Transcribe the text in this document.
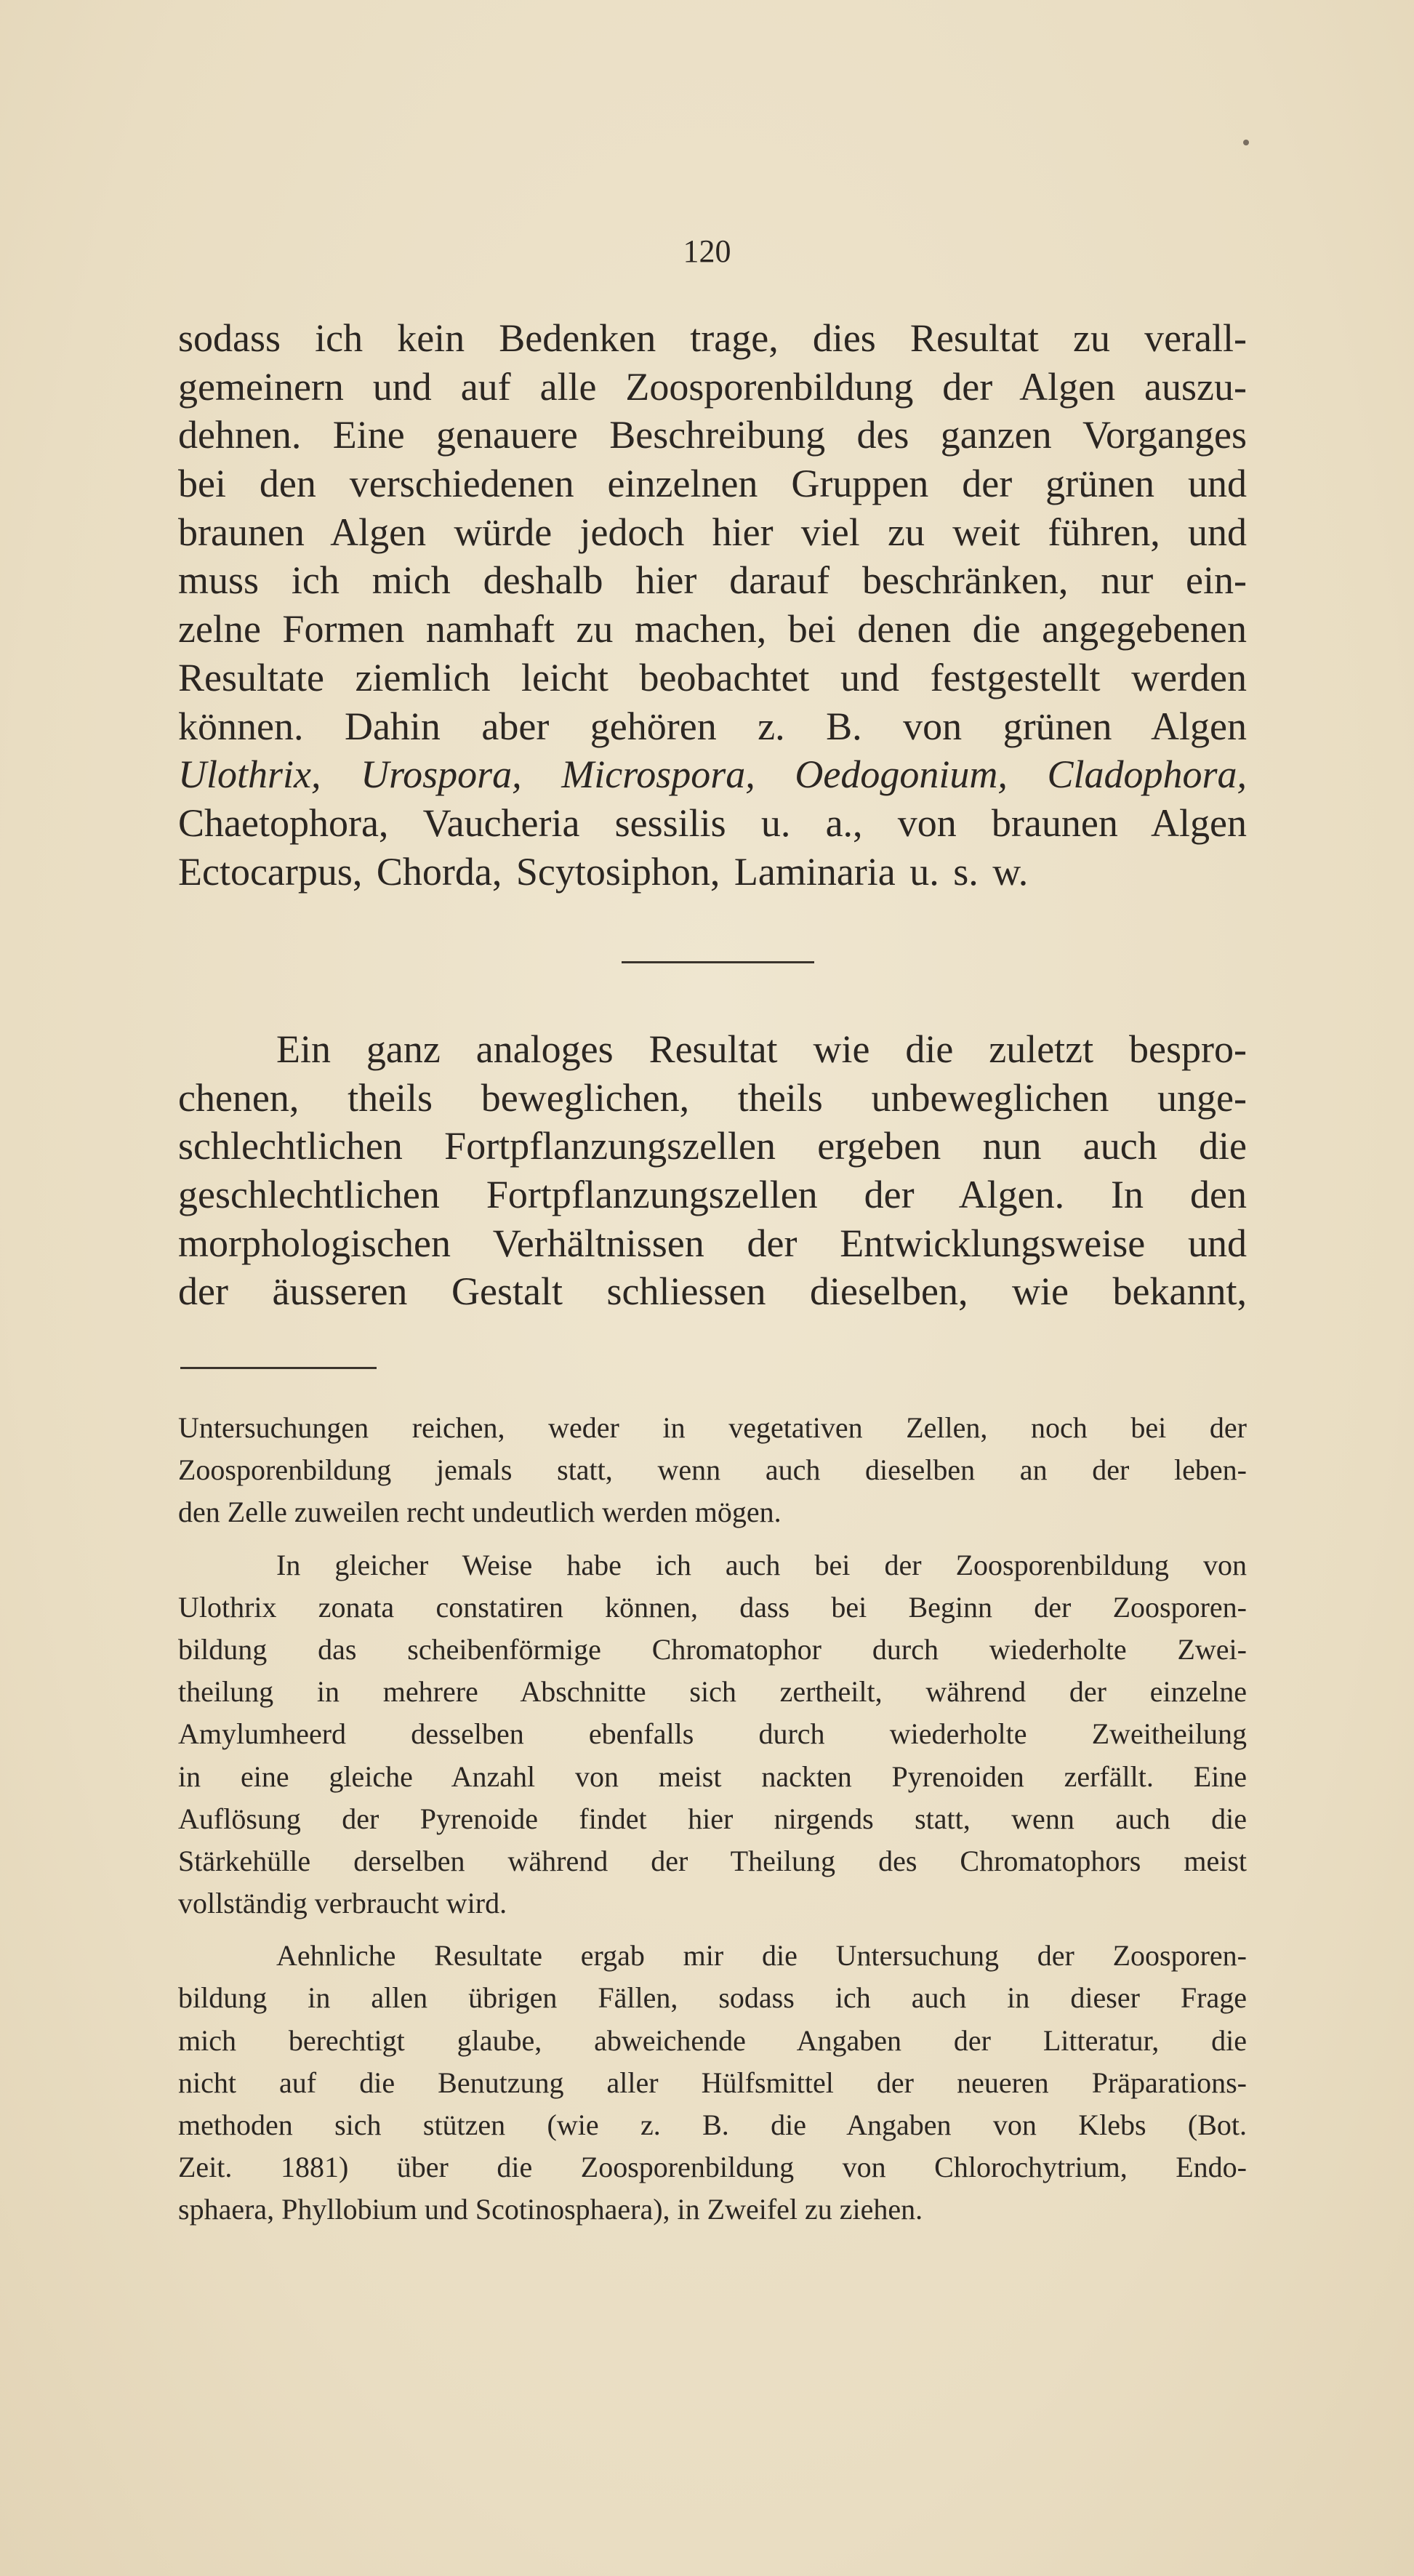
120
sodass ich kein Bedenken trage, dies Resultat zu verall-
gemeinern und auf alle Zoosporenbildung der Algen auszu-
dehnen. Eine genauere Beschreibung des ganzen Vorganges
bei den verschiedenen einzelnen Gruppen der grünen und
braunen Algen würde jedoch hier viel zu weit führen, und
muss ich mich deshalb hier darauf beschränken, nur ein-
zelne Formen namhaft zu machen, bei denen die angegebenen
Resultate ziemlich leicht beobachtet und festgestellt werden
können. Dahin aber gehören z. B. von grünen Algen
Ulothrix, Urospora, Microspora, Oedogonium, Cladophora,
Chaetophora, Vaucheria sessilis u. a., von braunen Algen
Ectocarpus, Chorda, Scytosiphon, Laminaria u. s. w.
Ein ganz analoges Resultat wie die zuletzt bespro-
chenen, theils beweglichen, theils unbeweglichen unge-
schlechtlichen Fortpflanzungszellen ergeben nun auch die
geschlechtlichen Fortpflanzungszellen der Algen. In den
morphologischen Verhältnissen der Entwicklungsweise und
der äusseren Gestalt schliessen dieselben, wie bekannt,
Untersuchungen reichen, weder in vegetativen Zellen, noch bei der
Zoosporenbildung jemals statt, wenn auch dieselben an der leben-
den Zelle zuweilen recht undeutlich werden mögen.
In gleicher Weise habe ich auch bei der Zoosporenbildung von
Ulothrix zonata constatiren können, dass bei Beginn der Zoosporen-
bildung das scheibenförmige Chromatophor durch wiederholte Zwei-
theilung in mehrere Abschnitte sich zertheilt, während der einzelne
Amylumheerd desselben ebenfalls durch wiederholte Zweitheilung
in eine gleiche Anzahl von meist nackten Pyrenoiden zerfällt. Eine
Auflösung der Pyrenoide findet hier nirgends statt, wenn auch die
Stärkehülle derselben während der Theilung des Chromatophors meist
vollständig verbraucht wird.
Aehnliche Resultate ergab mir die Untersuchung der Zoosporen-
bildung in allen übrigen Fällen, sodass ich auch in dieser Frage
mich berechtigt glaube, abweichende Angaben der Litteratur, die
nicht auf die Benutzung aller Hülfsmittel der neueren Präparations-
methoden sich stützen (wie z. B. die Angaben von Klebs (Bot.
Zeit. 1881) über die Zoosporenbildung von Chlorochytrium, Endo-
sphaera, Phyllobium und Scotinosphaera), in Zweifel zu ziehen.
